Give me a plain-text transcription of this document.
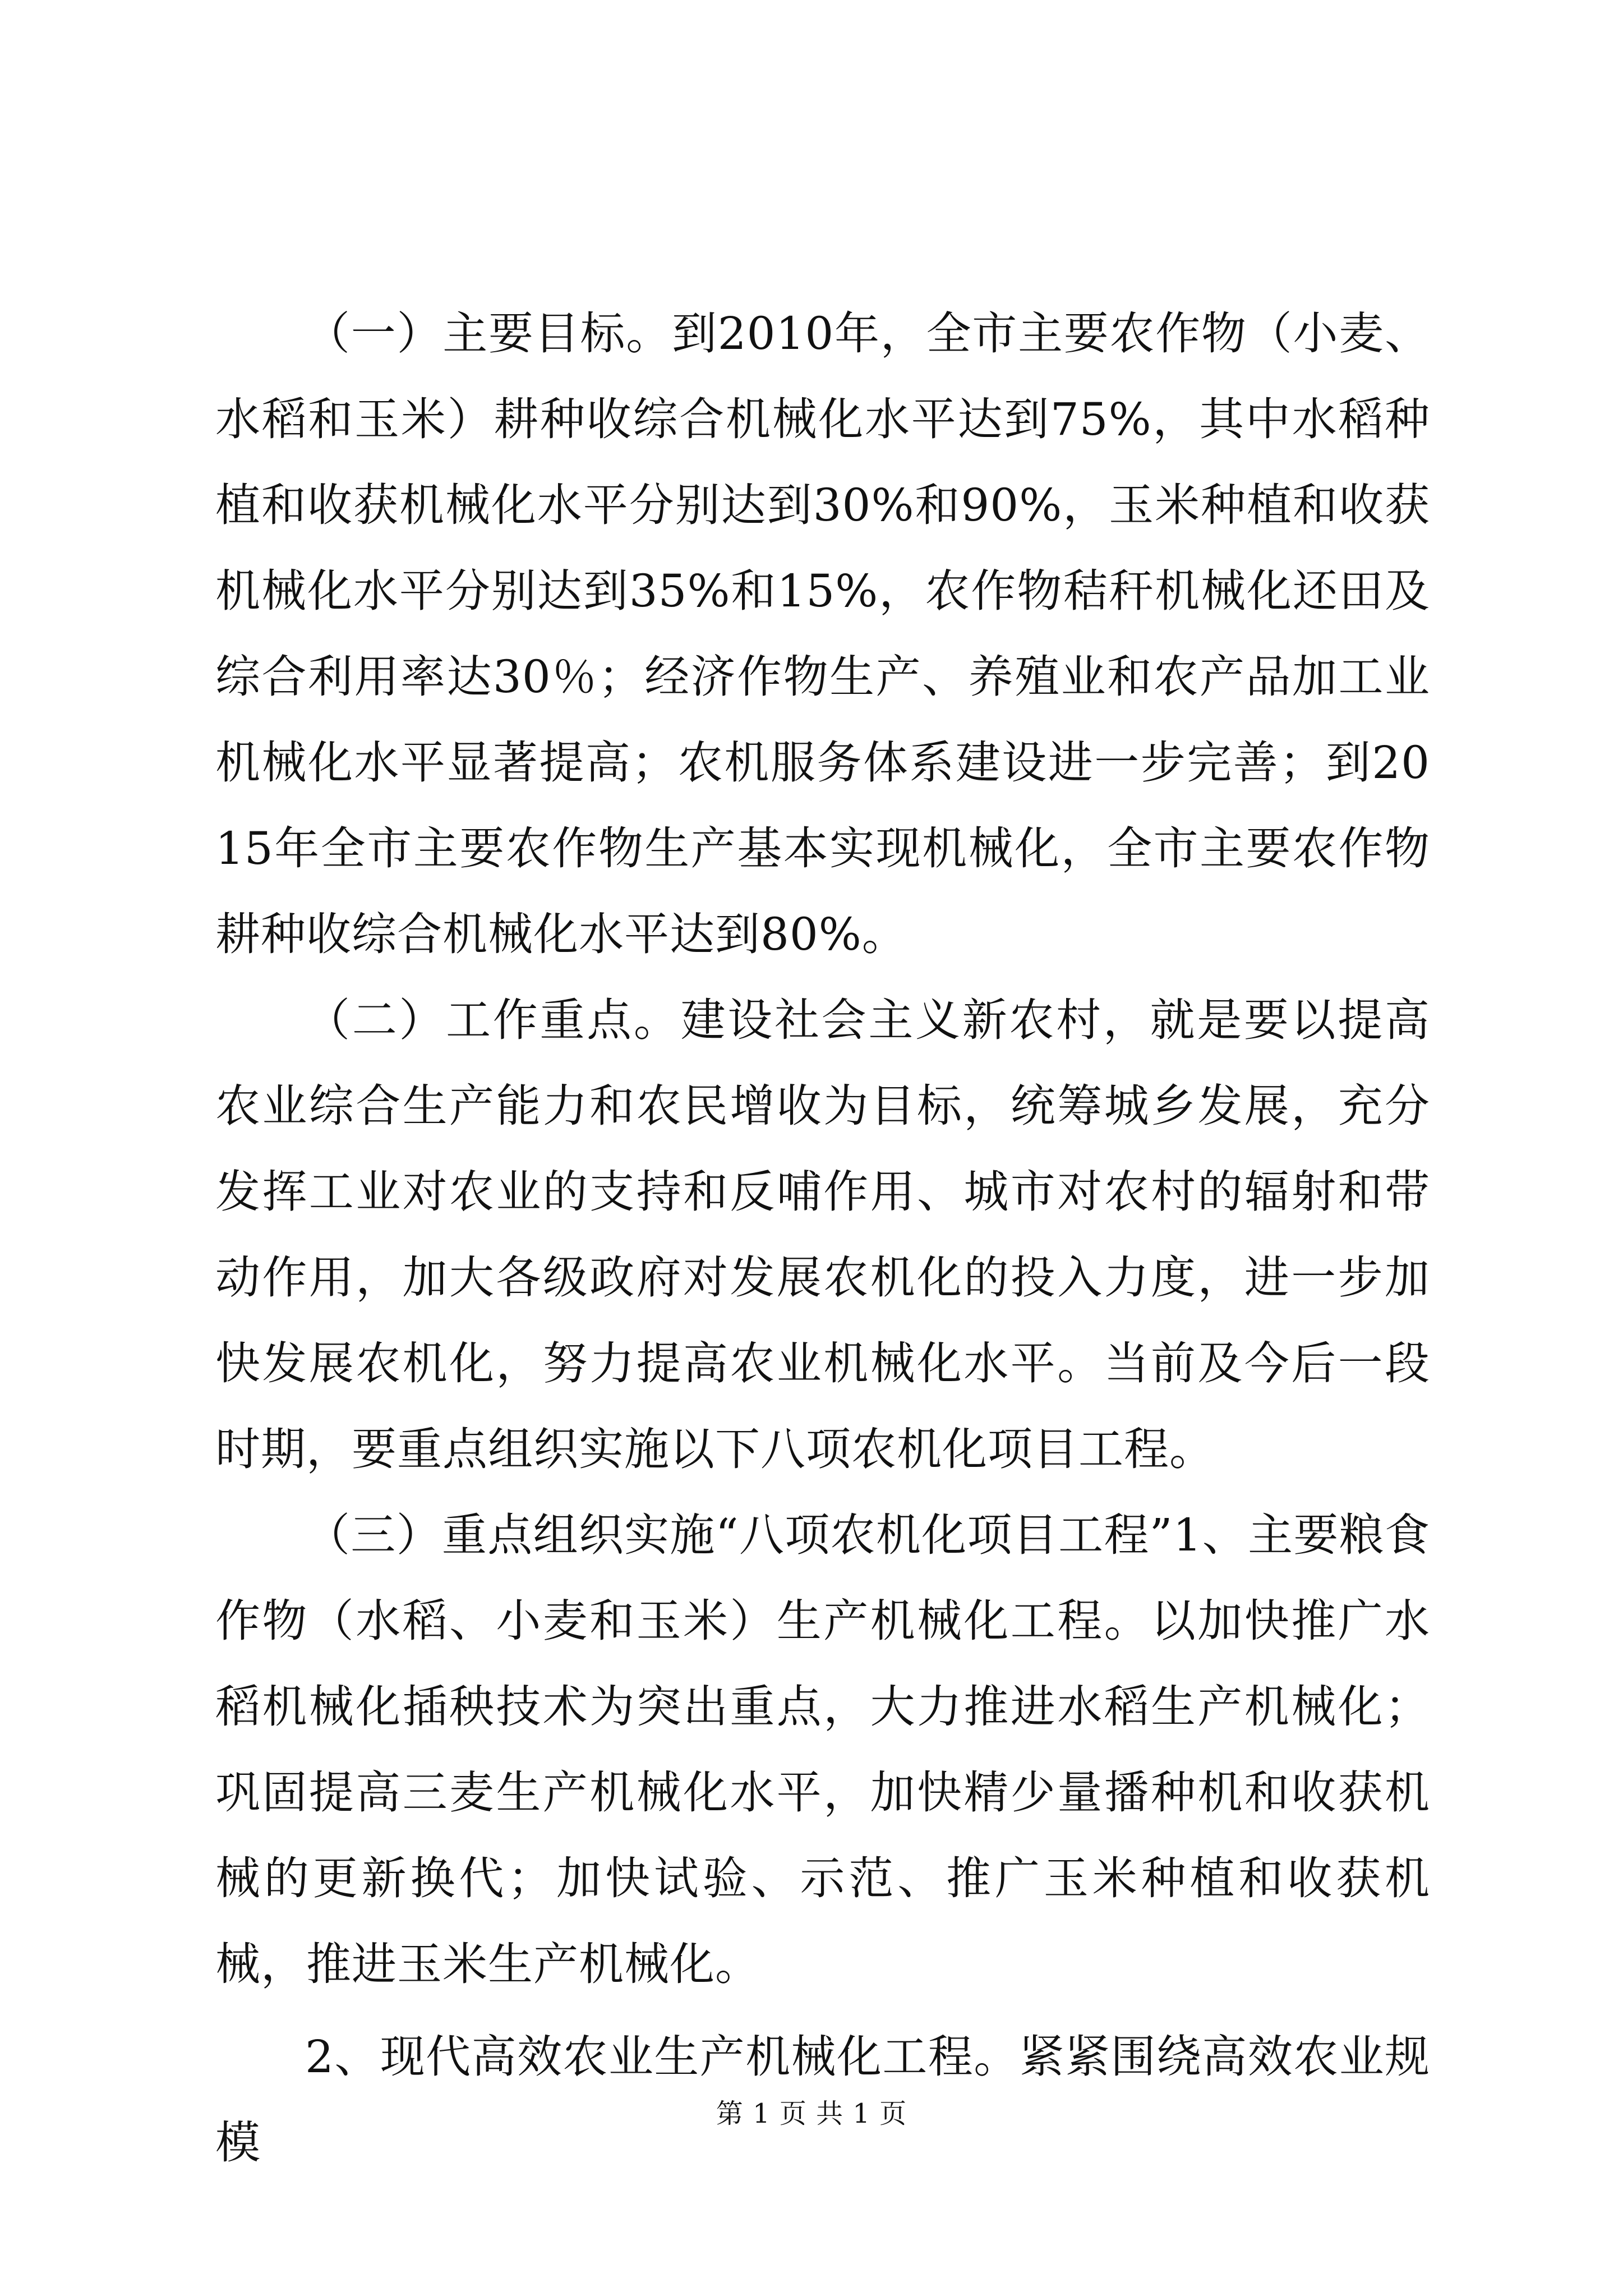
（一）主要目标。到2010年，全市主要农作物（小麦、水稻和玉米）耕种收综合机械化水平达到75%，其中水稻种植和收获机械化水平分别达到30%和90%，玉米种植和收获机械化水平分别达到35%和15%，农作物秸秆机械化还田及综合利用率达30％；经济作物生产、养殖业和农产品加工业机械化水平显著提高；农机服务体系建设进一步完善；到2015年全市主要农作物生产基本实现机械化，全市主要农作物耕种收综合机械化水平达到80%。

（二）工作重点。建设社会主义新农村，就是要以提高农业综合生产能力和农民增收为目标，统筹城乡发展，充分发挥工业对农业的支持和反哺作用、城市对农村的辐射和带动作用，加大各级政府对发展农机化的投入力度，进一步加快发展农机化，努力提高农业机械化水平。当前及今后一段时期，要重点组织实施以下八项农机化项目工程。

（三）重点组织实施“八项农机化项目工程”1、主要粮食作物（水稻、小麦和玉米）生产机械化工程。以加快推广水稻机械化插秧技术为突出重点，大力推进水稻生产机械化；巩固提高三麦生产机械化水平，加快精少量播种机和收获机械的更新换代；加快试验、示范、推广玉米种植和收获机械，推进玉米生产机械化。

2、现代高效农业生产机械化工程。紧紧围绕高效农业规模

第 1 页 共 1 页
